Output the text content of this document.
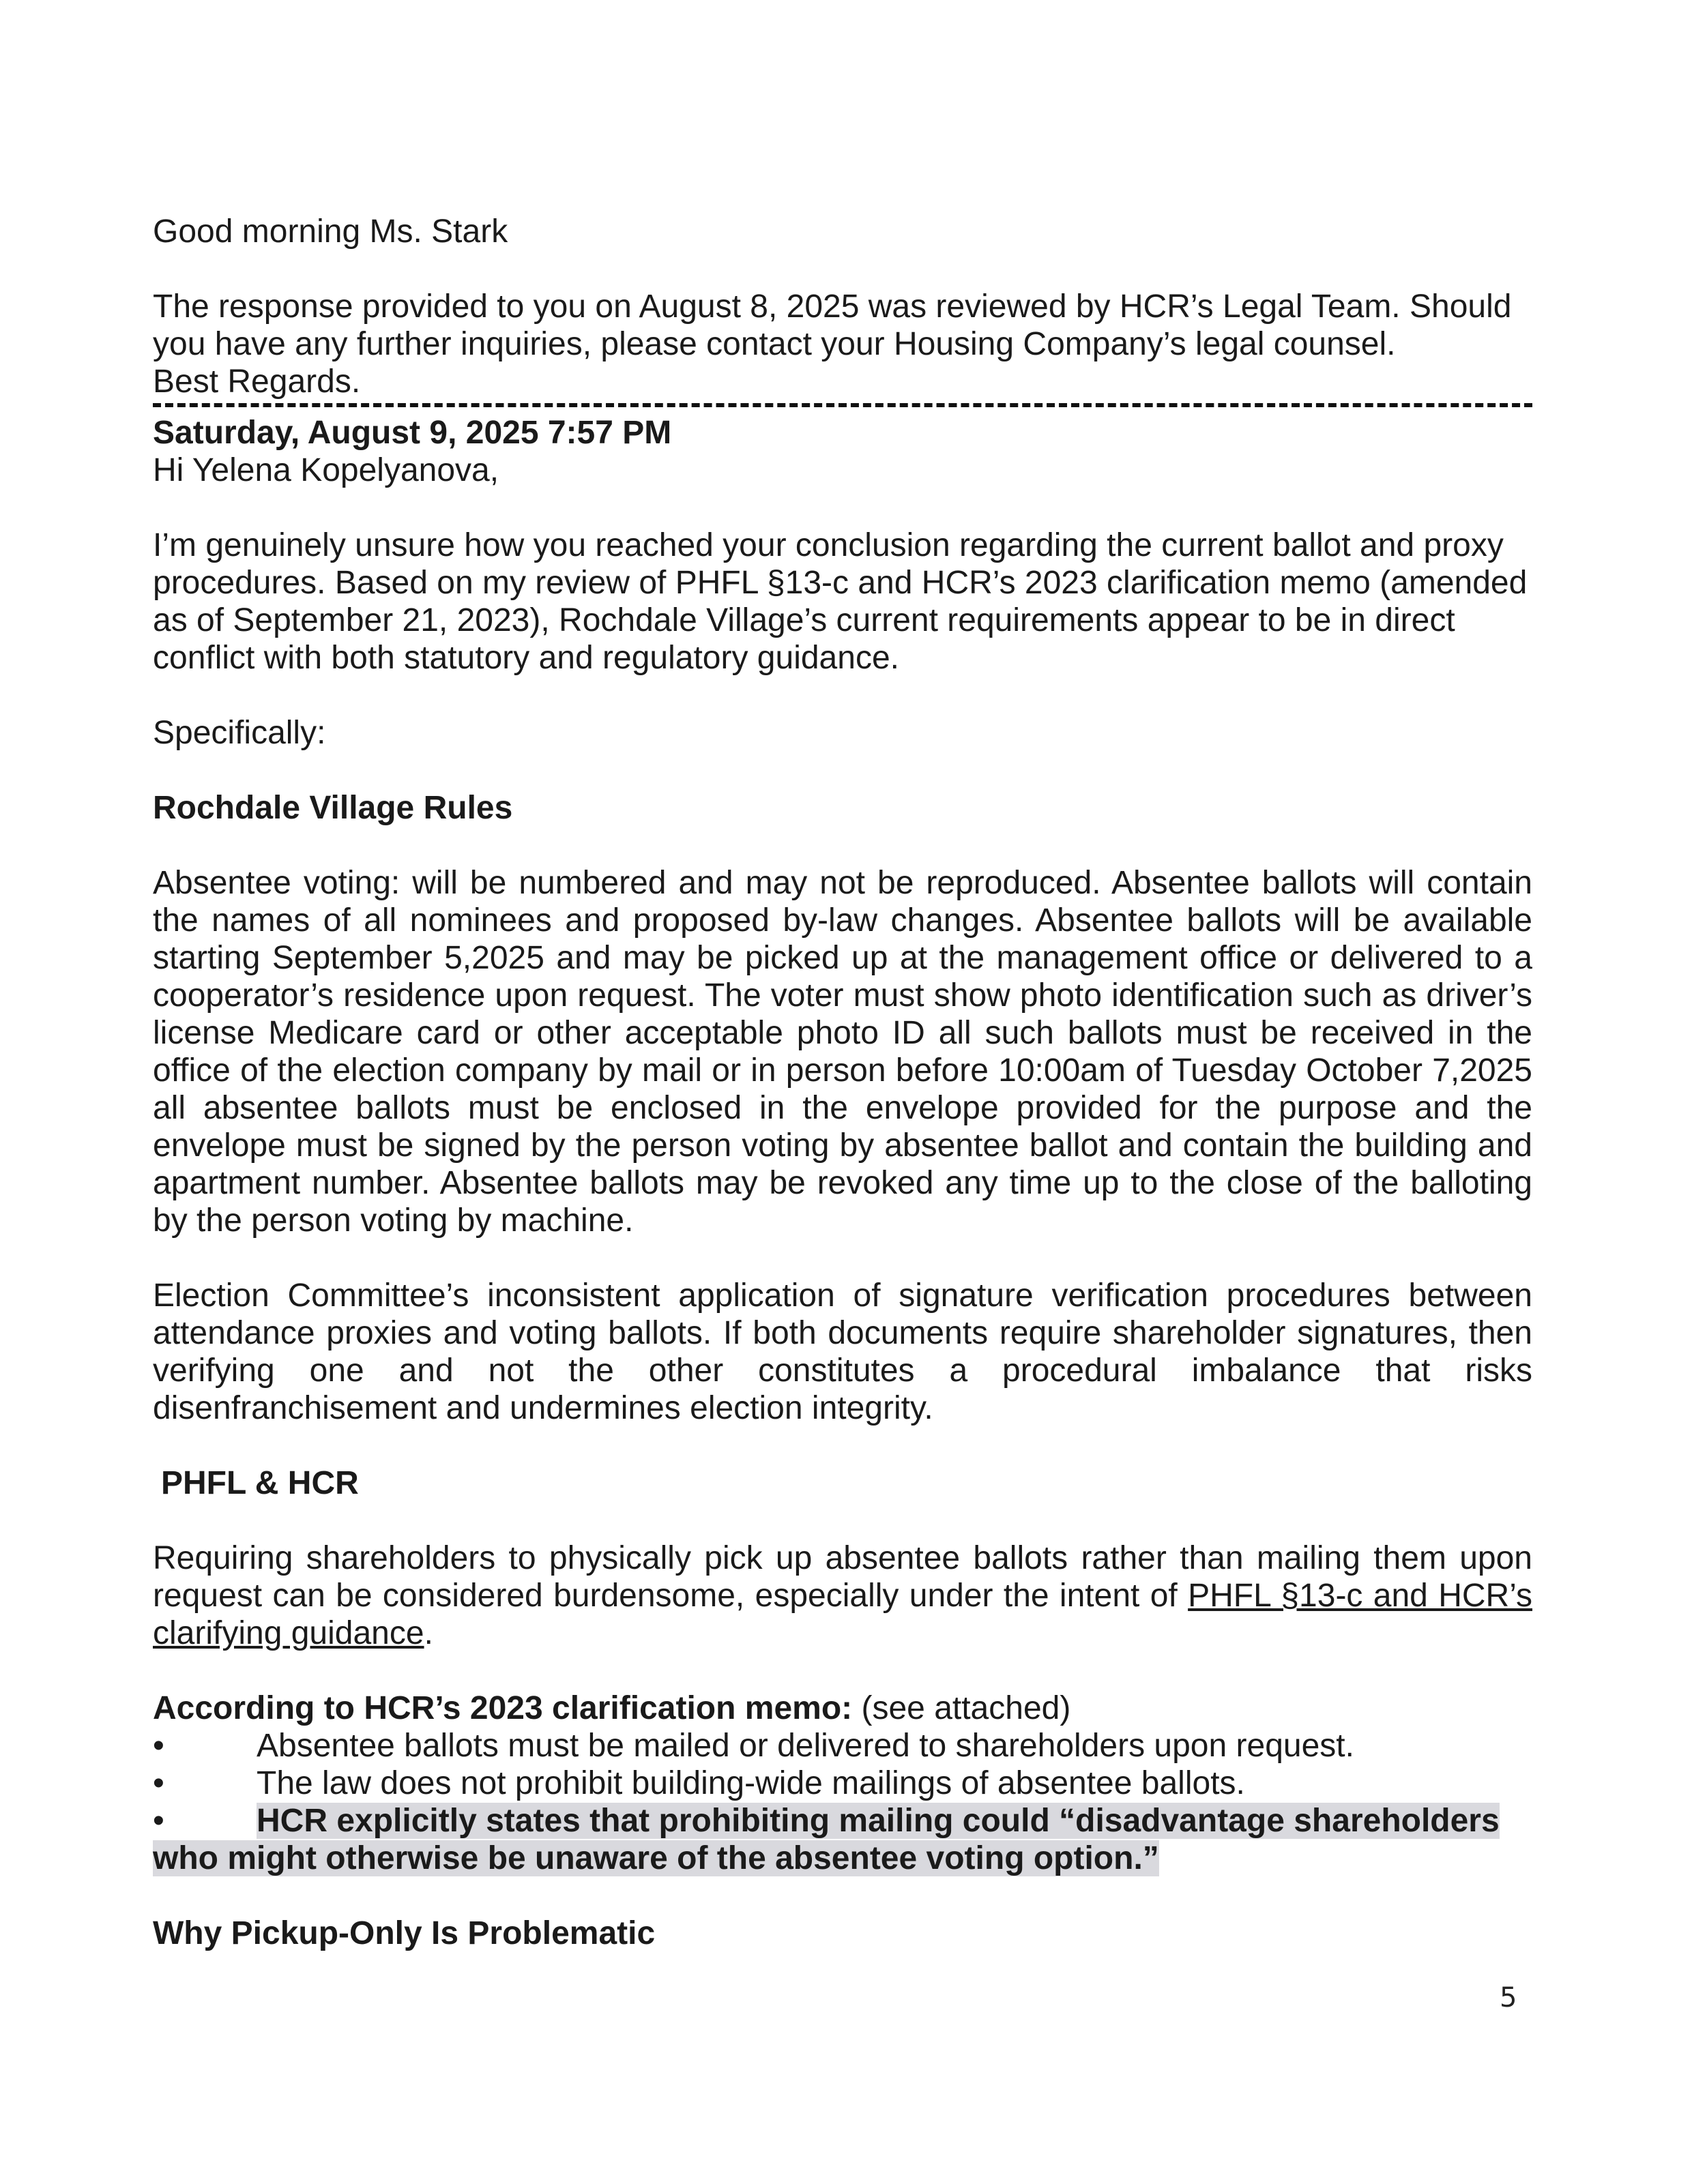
Good morning Ms. Stark

The response provided to you on August 8, 2025 was reviewed by HCR’s Legal Team. Should you have any further inquiries, please contact your Housing Company’s legal counsel.

Best Regards.

Saturday, August 9, 2025 7:57 PM

Hi Yelena Kopelyanova,

I’m genuinely unsure how you reached your conclusion regarding the current ballot and proxy procedures. Based on my review of PHFL §13-c and HCR’s 2023 clarification memo (amended as of September 21, 2023), Rochdale Village’s current requirements appear to be in direct conflict with both statutory and regulatory guidance.

Specifically:

Rochdale Village Rules

Absentee voting: will be numbered and may not be reproduced. Absentee ballots will contain the names of all nominees and proposed by-law changes. Absentee ballots will be available starting September 5,2025 and may be picked up at the management office or delivered to a cooperator’s residence upon request. The voter must show photo identification such as driver’s license Medicare card or other acceptable photo ID all such ballots must be received in the office of the election company by mail or in person before 10:00am of Tuesday October 7,2025 all absentee ballots must be enclosed in the envelope provided for the purpose and the envelope must be signed by the person voting by absentee ballot and contain the building and apartment number. Absentee ballots may be revoked any time up to the close of the balloting by the person voting by machine.

Election Committee’s inconsistent application of signature verification procedures between attendance proxies and voting ballots. If both documents require shareholder signatures, then verifying one and not the other constitutes a procedural imbalance that risks disenfranchisement and undermines election integrity.

PHFL & HCR

Requiring shareholders to physically pick up absentee ballots rather than mailing them upon request can be considered burdensome, especially under the intent of PHFL §13-c and HCR’s clarifying guidance.

According to HCR’s 2023 clarification memo: (see attached)

•	Absentee ballots must be mailed or delivered to shareholders upon request.
•	The law does not prohibit building-wide mailings of absentee ballots.
•	HCR explicitly states that prohibiting mailing could “disadvantage shareholders
who might otherwise be unaware of the absentee voting option.”

Why Pickup-Only Is Problematic

5
